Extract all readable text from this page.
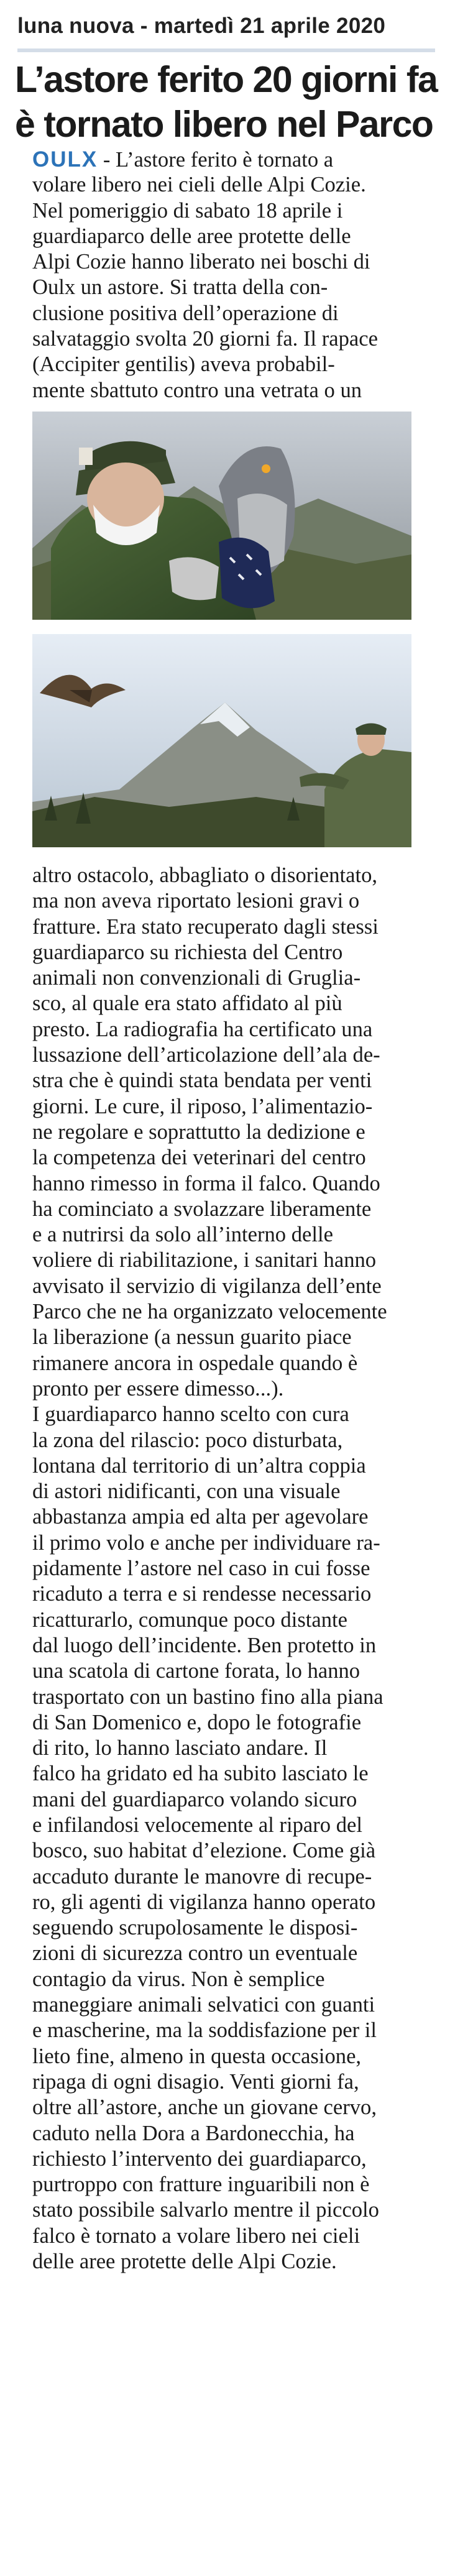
luna nuova - martedì 21 aprile 2020
L’astore ferito 20 giorni fa
è tornato libero nel Parco
OULX - L’astore ferito è tornato a
volare libero nei cieli delle Alpi Cozie.
Nel pomeriggio di sabato 18 aprile i
guardiaparco delle aree protette delle
Alpi Cozie hanno liberato nei boschi di
Oulx un astore. Si tratta della con-
clusione positiva dell’operazione di
salvataggio svolta 20 giorni fa. Il rapace
(Accipiter gentilis) aveva probabil-
mente sbattuto contro una vetrata o un
altro ostacolo, abbagliato o disorientato,
ma non aveva riportato lesioni gravi o
fratture. Era stato recuperato dagli stessi
guardiaparco su richiesta del Centro
animali non convenzionali di Gruglia-
sco, al quale era stato affidato al più
presto. La radiografia ha certificato una
lussazione dell’articolazione dell’ala de-
stra che è quindi stata bendata per venti
giorni. Le cure, il riposo, l’alimentazio-
ne regolare e soprattutto la dedizione e
la competenza dei veterinari del centro
hanno rimesso in forma il falco. Quando
ha cominciato a svolazzare liberamente
e a nutrirsi da solo all’interno delle
voliere di riabilitazione, i sanitari hanno
avvisato il servizio di vigilanza dell’ente
Parco che ne ha organizzato velocemente
la liberazione (a nessun guarito piace
rimanere ancora in ospedale quando è
pronto per essere dimesso...).
I guardiaparco hanno scelto con cura
la zona del rilascio: poco disturbata,
lontana dal territorio di un’altra coppia
di astori nidificanti, con una visuale
abbastanza ampia ed alta per agevolare
il primo volo e anche per individuare ra-
pidamente l’astore nel caso in cui fosse
ricaduto a terra e si rendesse necessario
ricatturarlo, comunque poco distante
dal luogo dell’incidente. Ben protetto in
una scatola di cartone forata, lo hanno
trasportato con un bastino fino alla piana
di San Domenico e, dopo le fotografie
di rito, lo hanno lasciato andare. Il
falco ha gridato ed ha subito lasciato le
mani del guardiaparco volando sicuro
e infilandosi velocemente al riparo del
bosco, suo habitat d’elezione. Come già
accaduto durante le manovre di recupe-
ro, gli agenti di vigilanza hanno operato
seguendo scrupolosamente le disposi-
zioni di sicurezza contro un eventuale
contagio da virus. Non è semplice
maneggiare animali selvatici con guanti
e mascherine, ma la soddisfazione per il
lieto fine, almeno in questa occasione,
ripaga di ogni disagio. Venti giorni fa,
oltre all’astore, anche un giovane cervo,
caduto nella Dora a Bardonecchia, ha
richiesto l’intervento dei guardiaparco,
purtroppo con fratture inguaribili non è
stato possibile salvarlo mentre il piccolo
falco è tornato a volare libero nei cieli
delle aree protette delle Alpi Cozie.
